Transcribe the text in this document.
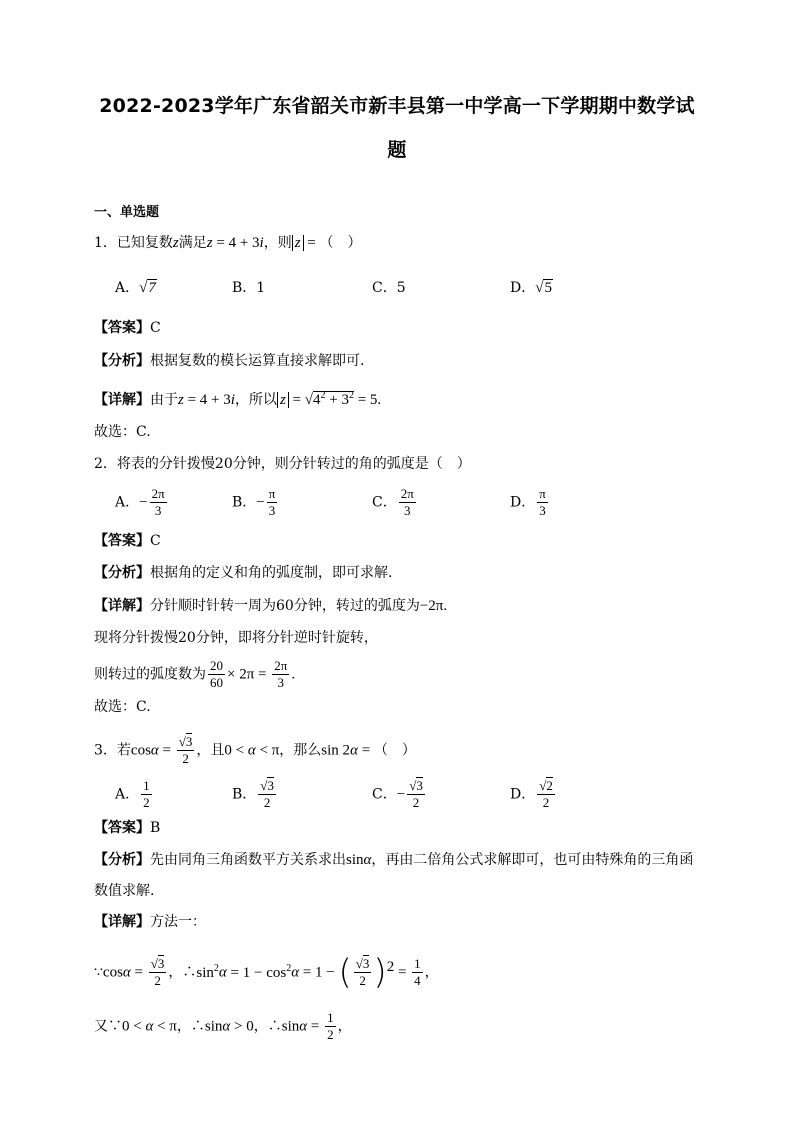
2022-2023学年广东省韶关市新丰县第一中学高一下学期期中数学试
题
一、单选题
1．已知复数z满足z = 4 + 3i，则 z = （　）
A．√7	B．1	C．5	D．√5
【答案】C
【分析】根据复数的模长运算直接求解即可.
【详解】由于z = 4 + 3i，所以 $z = √4^2 + 3^2 = 5$.
故选：C.
2．将表的分针拨慢20分钟，则分针转过的角的弧度是（　）
A．− $\frac{2\pi}{3}$	B．− $\frac{\pi}{3}$	C． $\frac{2\pi}{3}$	D． $\frac{\pi}{3}$
【答案】C
【分析】根据角的定义和角的弧度制，即可求解.
【详解】分针顺时针转一周为60分钟，转过的弧度为−2π.
现将分针拨慢20分钟，即将分针逆时针旋转，
则转过的弧度数为 $\frac{20}{60} \times 2\pi = \frac{2\pi}{3}$ .
故选：C.
3．若$\cos\alpha = \frac{√3}{2}$ ，且0 < α < π，那么sin 2α = （　）
A． $\frac{1}{2}$	B． $\frac{√3}{2}$	C．− $\frac{√3}{2}$	D． $\frac{√2}{2}$
【答案】B
【分析】先由同角三角函数平方关系求出sinα，再由二倍角公式求解即可，也可由特殊角的三角函
数值求解.
【详解】方法一：
∵cosα = $\frac{√3}{2}$ ，$\therefore\sin^2\alpha = 1 - \cos^2\alpha = 1$ − ( $\frac{√3}{2} )^2 = \frac{1}{4}$ ，
又∵0 < α < π，∴sinα > 0，∴sinα = $\frac{1}{2}$ ，
